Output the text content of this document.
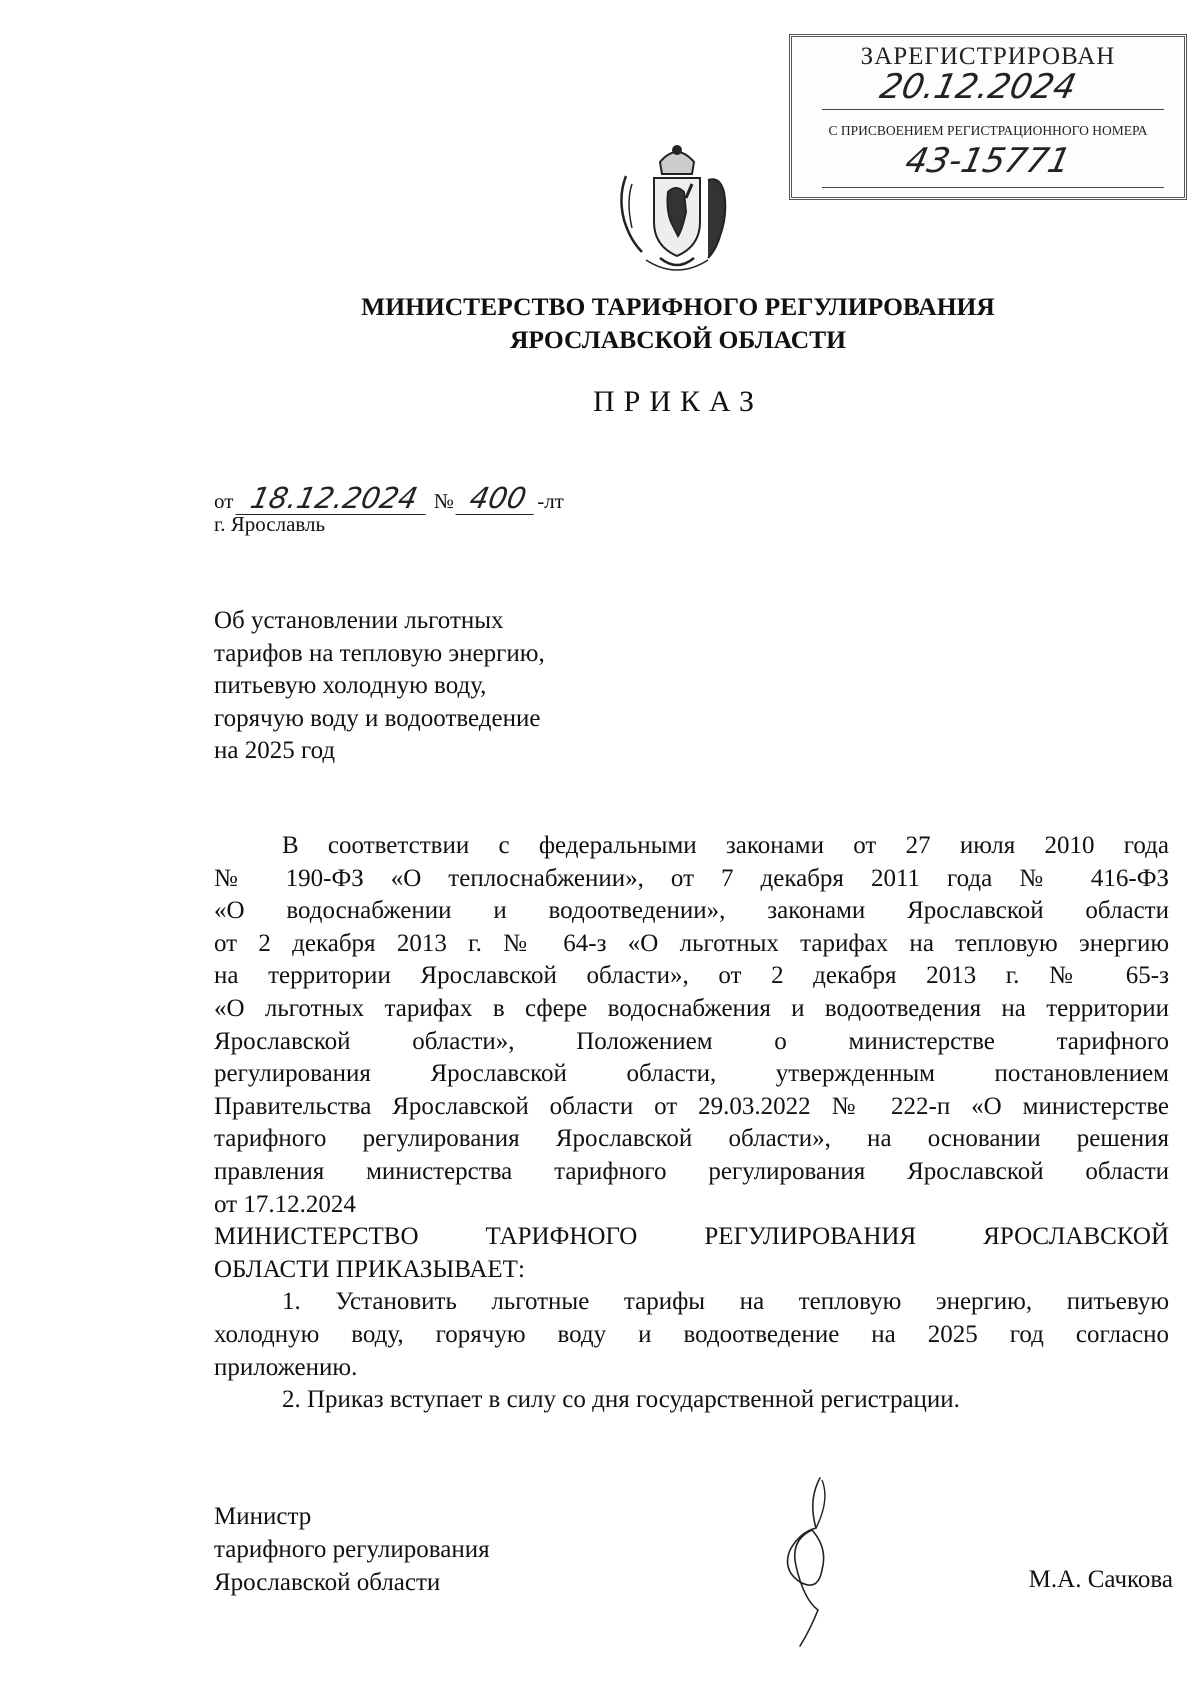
ЗАРЕГИСТРИРОВАН
20.12.2024
С ПРИСВОЕНИЕМ РЕГИСТРАЦИОННОГО НОМЕРА
43-15771
МИНИСТЕРСТВО ТАРИФНОГО РЕГУЛИРОВАНИЯ
ЯРОСЛАВСКОЙ ОБЛАСТИ
ПРИКАЗ
от 18.12.2024 № 400 -лт
г. Ярославль
Об установлении льготных
тарифов на тепловую энергию,
питьевую холодную воду,
горячую воду и водоотведение
на 2025 год
В соответствии с федеральными законами от 27 июля 2010 года
№ 190-ФЗ «О теплоснабжении», от 7 декабря 2011 года № 416-ФЗ
«О водоснабжении и водоотведении», законами Ярославской области
от 2 декабря 2013 г. № 64-з «О льготных тарифах на тепловую энергию
на территории Ярославской области», от 2 декабря 2013 г. № 65-з
«О льготных тарифах в сфере водоснабжения и водоотведения на территории
Ярославской области», Положением о министерстве тарифного
регулирования Ярославской области, утвержденным постановлением
Правительства Ярославской области от 29.03.2022 № 222-п «О министерстве
тарифного регулирования Ярославской области», на основании решения
правления министерства тарифного регулирования Ярославской области
от 17.12.2024
МИНИСТЕРСТВО ТАРИФНОГО РЕГУЛИРОВАНИЯ ЯРОСЛАВСКОЙ
ОБЛАСТИ ПРИКАЗЫВАЕТ:
1. Установить льготные тарифы на тепловую энергию, питьевую
холодную воду, горячую воду и водоотведение на 2025 год согласно
приложению.
2. Приказ вступает в силу со дня государственной регистрации.
Министр
тарифного регулирования
Ярославской области	М.А. Сачкова
